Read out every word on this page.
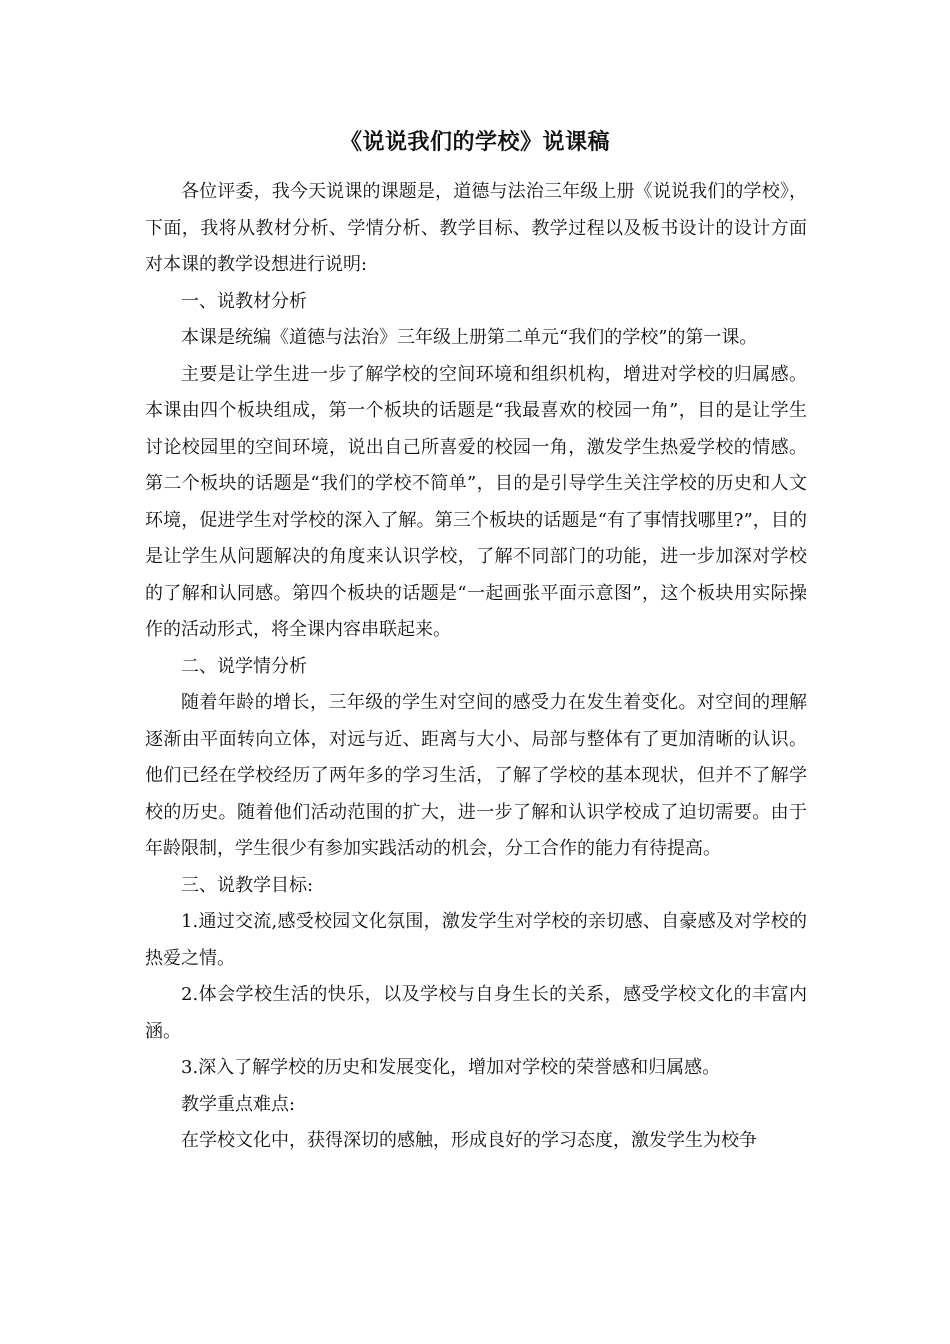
《说说我们的学校》说课稿

各位评委，我今天说课的课题是，道德与法治三年级上册《说说我们的学校》，下面，我将从教材分析、学情分析、教学目标、教学过程以及板书设计的设计方面对本课的教学设想进行说明:

一、说教材分析

本课是统编《道德与法治》三年级上册第二单元“我们的学校”的第一课。

主要是让学生进一步了解学校的空间环境和组织机构，增进对学校的归属感。本课由四个板块组成，第一个板块的话题是“我最喜欢的校园一角”，目的是让学生讨论校园里的空间环境，说出自己所喜爱的校园一角，激发学生热爱学校的情感。第二个板块的话题是“我们的学校不简单”，目的是引导学生关注学校的历史和人文环境，促进学生对学校的深入了解。第三个板块的话题是“有了事情找哪里?”，目的是让学生从问题解决的角度来认识学校，了解不同部门的功能，进一步加深对学校的了解和认同感。第四个板块的话题是“一起画张平面示意图”，这个板块用实际操作的活动形式，将全课内容串联起来。

二、说学情分析

随着年龄的增长，三年级的学生对空间的感受力在发生着变化。对空间的理解逐渐由平面转向立体，对远与近、距离与大小、局部与整体有了更加清晰的认识。他们已经在学校经历了两年多的学习生活，了解了学校的基本现状，但并不了解学校的历史。随着他们活动范围的扩大，进一步了解和认识学校成了迫切需要。由于年龄限制，学生很少有参加实践活动的机会，分工合作的能力有待提高。

三、说教学目标:

1.通过交流,感受校园文化氛围，激发学生对学校的亲切感、自豪感及对学校的热爱之情。

2.体会学校生活的快乐，以及学校与自身生长的关系，感受学校文化的丰富内涵。

3.深入了解学校的历史和发展变化，增加对学校的荣誉感和归属感。

教学重点难点:

在学校文化中，获得深切的感触，形成良好的学习态度，激发学生为校争
